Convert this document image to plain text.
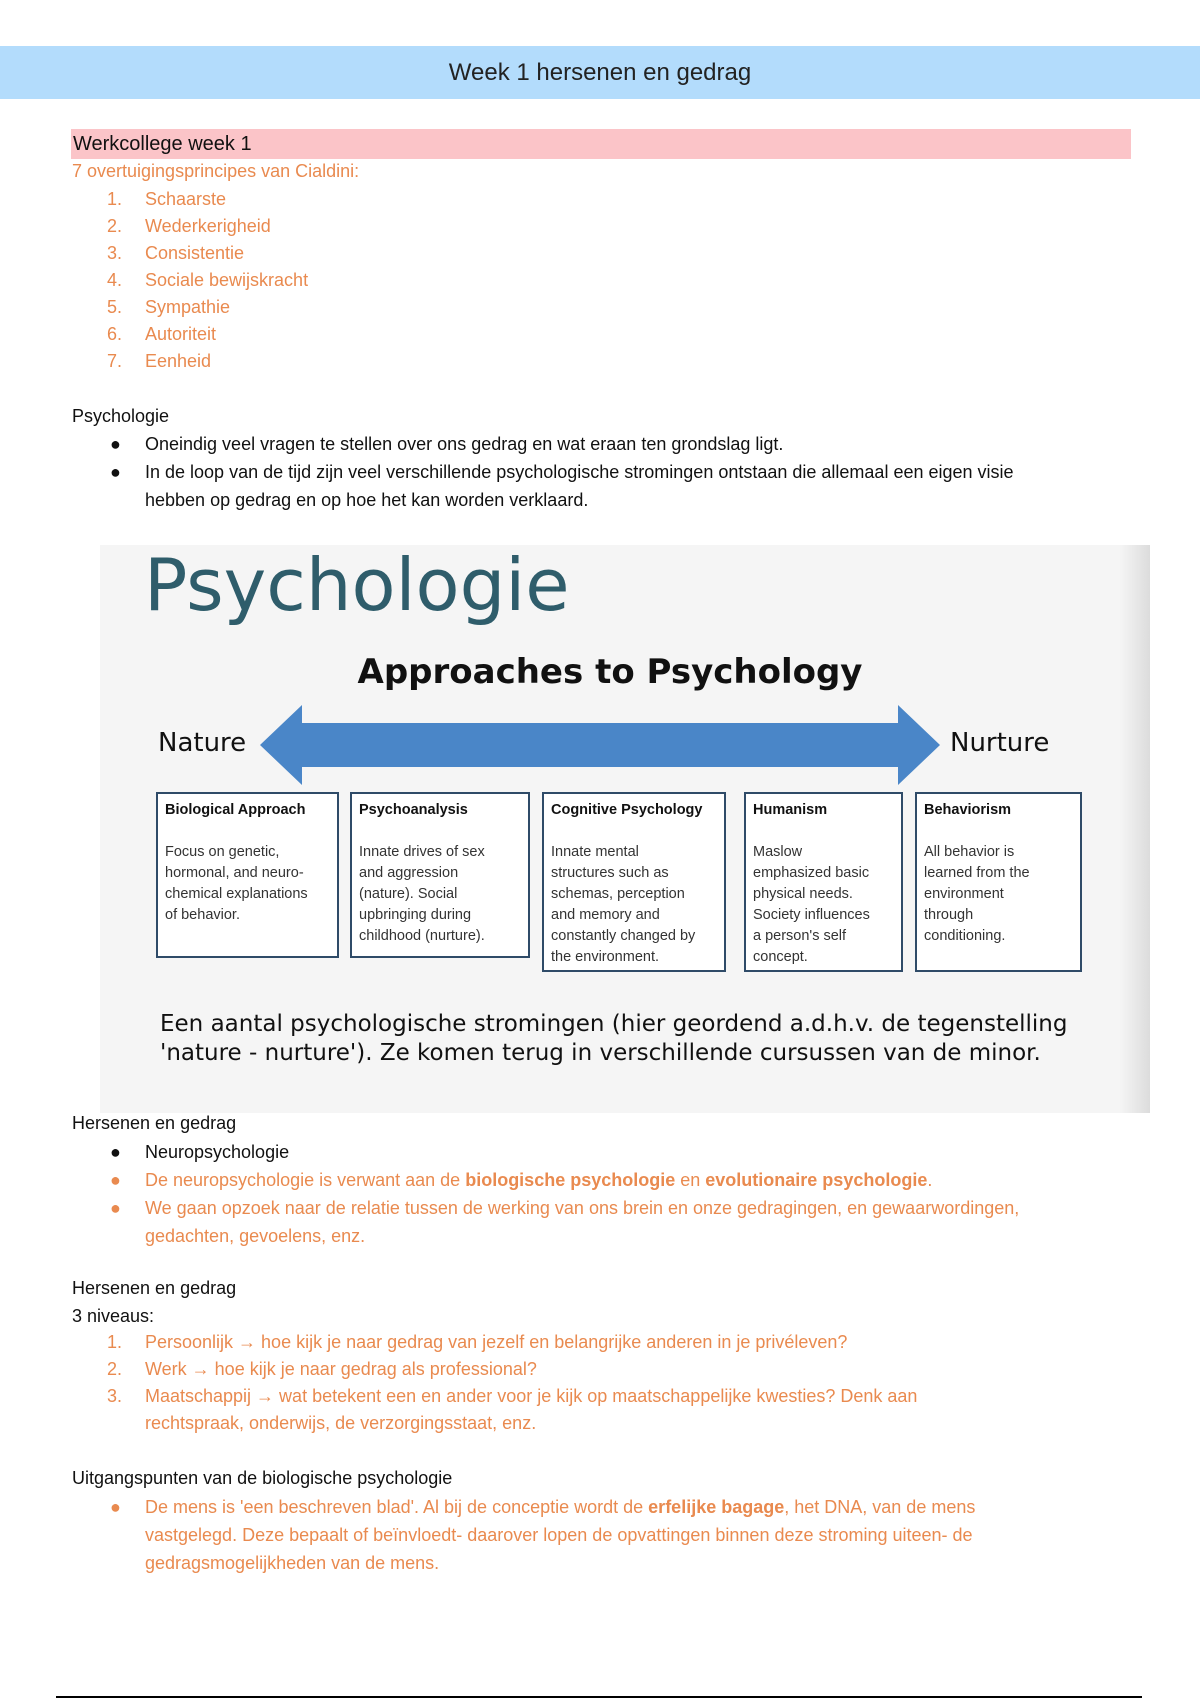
Week 1 hersenen en gedrag
Werkcollege week 1
7 overtuigingsprincipes van Cialdini:
1. Schaarste
2. Wederkerigheid
3. Consistentie
4. Sociale bewijskracht
5. Sympathie
6. Autoriteit
7. Eenheid
Psychologie
● Oneindig veel vragen te stellen over ons gedrag en wat eraan ten grondslag ligt.
● In de loop van de tijd zijn veel verschillende psychologische stromingen ontstaan die allemaal een eigen visie
hebben op gedrag en op hoe het kan worden verklaard.
Psychologie
Approaches to Psychology
Nature	Nurture
Biological Approach
Focus on genetic,
hormonal, and neuro-
chemical explanations
of behavior.
Psychoanalysis
Innate drives of sex
and aggression
(nature). Social
upbringing during
childhood (nurture).
Cognitive Psychology
Innate mental
structures such as
schemas, perception
and memory and
constantly changed by
the environment.
Humanism
Maslow
emphasized basic
physical needs.
Society influences
a person's self
concept.
Behaviorism
All behavior is
learned from the
environment
through
conditioning.
Een aantal psychologische stromingen (hier geordend a.d.h.v. de tegenstelling
'nature - nurture'). Ze komen terug in verschillende cursussen van de minor.
Hersenen en gedrag
● Neuropsychologie
● De neuropsychologie is verwant aan de biologische psychologie en evolutionaire psychologie.
● We gaan opzoek naar de relatie tussen de werking van ons brein en onze gedragingen, en gewaarwordingen,
gedachten, gevoelens, enz.
Hersenen en gedrag
3 niveaus:
1. Persoonlijk → hoe kijk je naar gedrag van jezelf en belangrijke anderen in je privéleven?
2. Werk → hoe kijk je naar gedrag als professional?
3. Maatschappij → wat betekent een en ander voor je kijk op maatschappelijke kwesties? Denk aan
rechtspraak, onderwijs, de verzorgingsstaat, enz.
Uitgangspunten van de biologische psychologie
● De mens is 'een beschreven blad'. Al bij de conceptie wordt de erfelijke bagage, het DNA, van de mens
vastgelegd. Deze bepaalt of beïnvloedt- daarover lopen de opvattingen binnen deze stroming uiteen- de
gedragsmogelijkheden van de mens.
